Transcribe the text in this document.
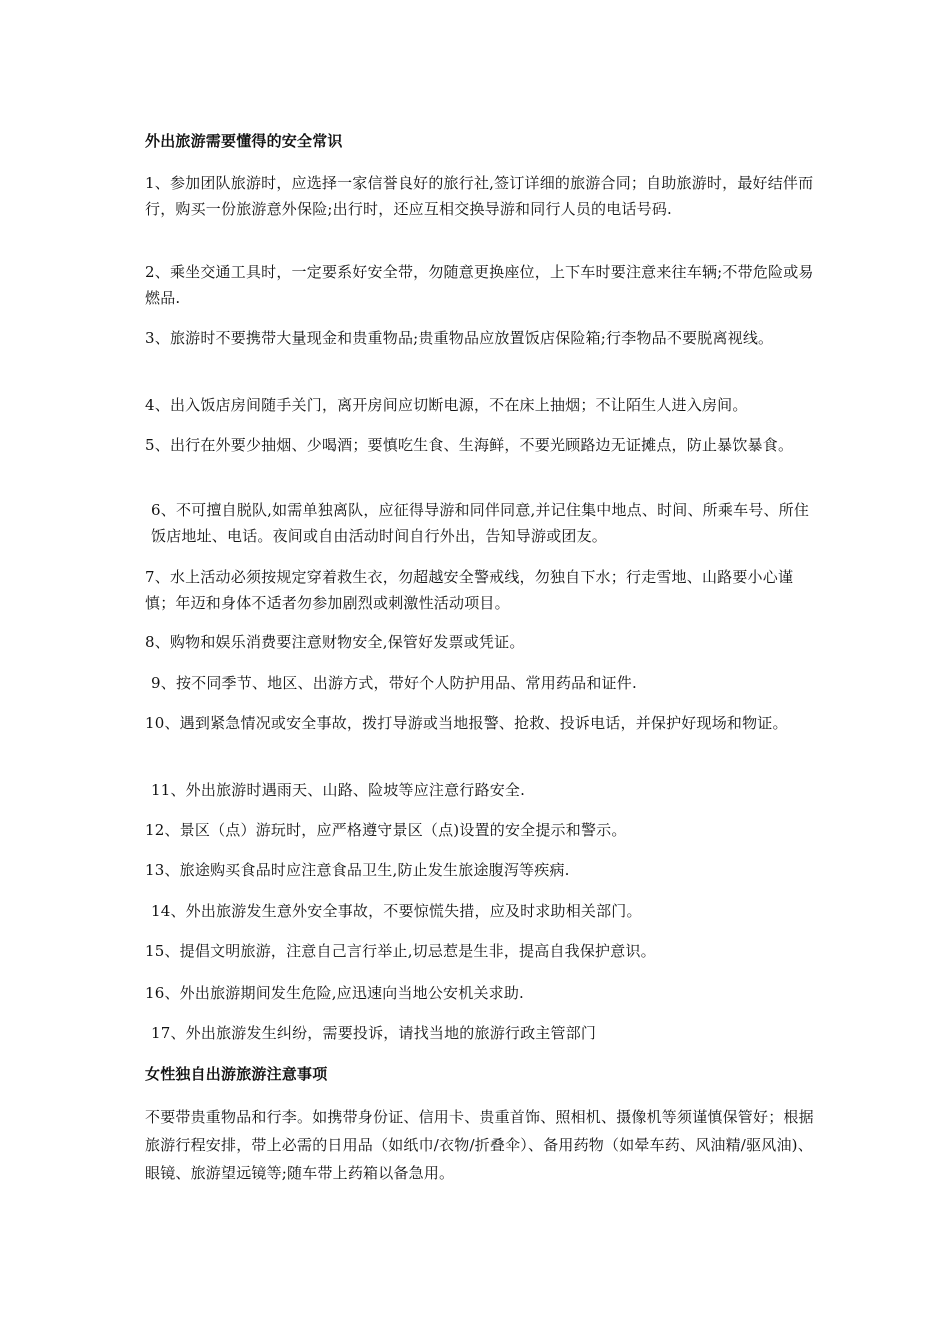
外出旅游需要懂得的安全常识
1、参加团队旅游时，应选择一家信誉良好的旅行社,签订详细的旅游合同；自助旅游时，最好结伴而行，购买一份旅游意外保险;出行时，还应互相交换导游和同行人员的电话号码.
2、乘坐交通工具时，一定要系好安全带，勿随意更换座位，上下车时要注意来往车辆;不带危险或易燃品.
3、旅游时不要携带大量现金和贵重物品;贵重物品应放置饭店保险箱;行李物品不要脱离视线。
4、出入饭店房间随手关门，离开房间应切断电源，不在床上抽烟；不让陌生人进入房间。
5、出行在外要少抽烟、少喝酒；要慎吃生食、生海鲜，不要光顾路边无证摊点，防止暴饮暴食。
6、不可擅自脱队,如需单独离队，应征得导游和同伴同意,并记住集中地点、时间、所乘车号、所住饭店地址、电话。夜间或自由活动时间自行外出，告知导游或团友。
7、水上活动必须按规定穿着救生衣，勿超越安全警戒线，勿独自下水；行走雪地、山路要小心谨慎；年迈和身体不适者勿参加剧烈或刺激性活动项目。
8、购物和娱乐消费要注意财物安全,保管好发票或凭证。
9、按不同季节、地区、出游方式，带好个人防护用品、常用药品和证件.
10、遇到紧急情况或安全事故，拨打导游或当地报警、抢救、投诉电话，并保护好现场和物证。
11、外出旅游时遇雨天、山路、险坡等应注意行路安全.
12、景区（点）游玩时，应严格遵守景区（点)设置的安全提示和警示。
13、旅途购买食品时应注意食品卫生,防止发生旅途腹泻等疾病.
14、外出旅游发生意外安全事故，不要惊慌失措，应及时求助相关部门。
15、提倡文明旅游，注意自己言行举止,切忌惹是生非，提高自我保护意识。
16、外出旅游期间发生危险,应迅速向当地公安机关求助.
17、外出旅游发生纠纷，需要投诉，请找当地的旅游行政主管部门
女性独自出游旅游注意事项
不要带贵重物品和行李。如携带身份证、信用卡、贵重首饰、照相机、摄像机等须谨慎保管好；根据旅游行程安排，带上必需的日用品（如纸巾/衣物/折叠伞）、备用药物（如晕车药、风油精/驱风油)、眼镜、旅游望远镜等;随车带上药箱以备急用。
